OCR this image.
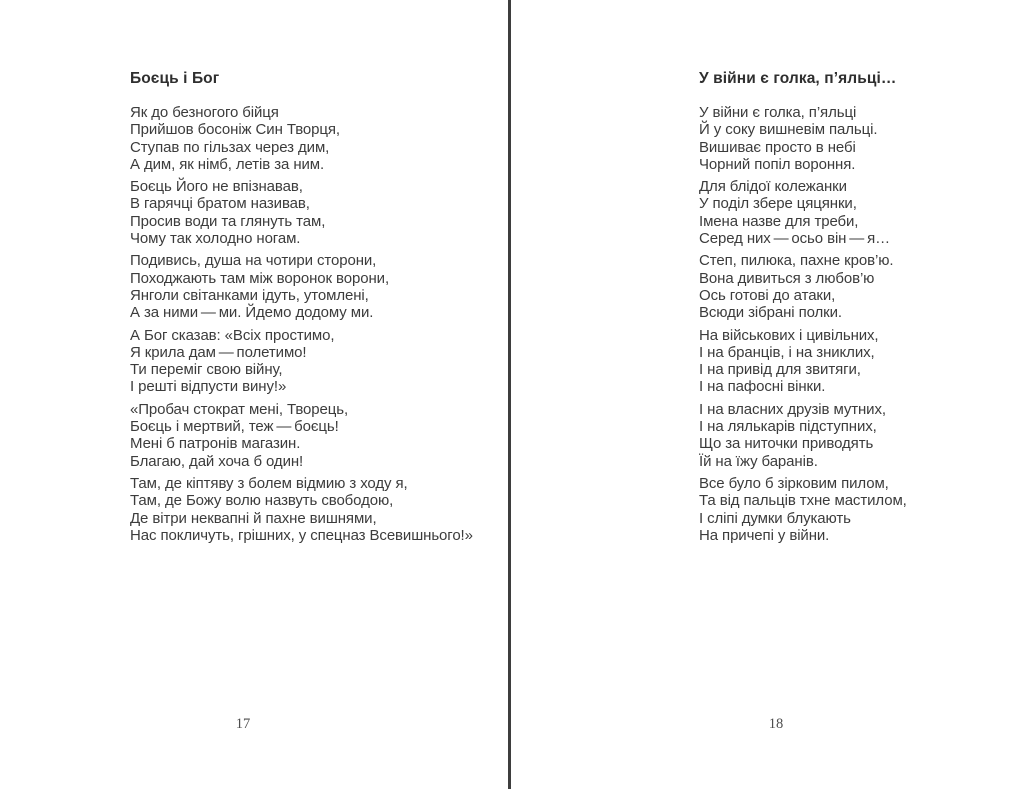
Боєць і Бог

Як до безногого бійця
Прийшов босоніж Син Творця,
Ступав по гільзах через дим,
А дим, як німб, летів за ним.

Боєць Його не впізнавав,
В гарячці братом називав,
Просив води та глянуть там,
Чому так холодно ногам.

Подивись, душа на чотири сторони,
Походжають там між воронок ворони,
Янголи світанками ідуть, утомлені,
А за ними — ми. Йдемо додому ми.

А Бог сказав: «Всіх простимо,
Я крила дам — полетимо!
Ти переміг свою війну,
І решті відпусти вину!»

«Пробач стократ мені, Творець,
Боєць і мертвий, теж — боєць!
Мені б патронів магазин.
Благаю, дай хоча б один!

Там, де кіптяву з болем відмию з ходу я,
Там, де Божу волю назвуть свободою,
Де вітри неквапні й пахне вишнями,
Нас покличуть, грішних, у спецназ Всевишнього!»

У війни є голка, п’яльці…

У війни є голка, п’яльці
Й у соку вишневім пальці.
Вишиває просто в небі
Чорний попіл вороння.

Для блідої колежанки
У поділ збере цяцянки,
Імена назве для треби,
Серед них — осьо він — я…

Степ, пилюка, пахне кров’ю.
Вона дивиться з любов’ю
Ось готові до атаки,
Всюди зібрані полки.

На військових і цивільних,
І на бранців, і на зниклих,
І на привід для звитяги,
І на пафосні вінки.

І на власних друзів мутних,
І на лялькарів підступних,
Що за ниточки приводять
Їй на їжу баранів.

Все було б зірковим пилом,
Та від пальців тхне мастилом,
І сліпі думки блукають
На причепі у війни.

17	18
